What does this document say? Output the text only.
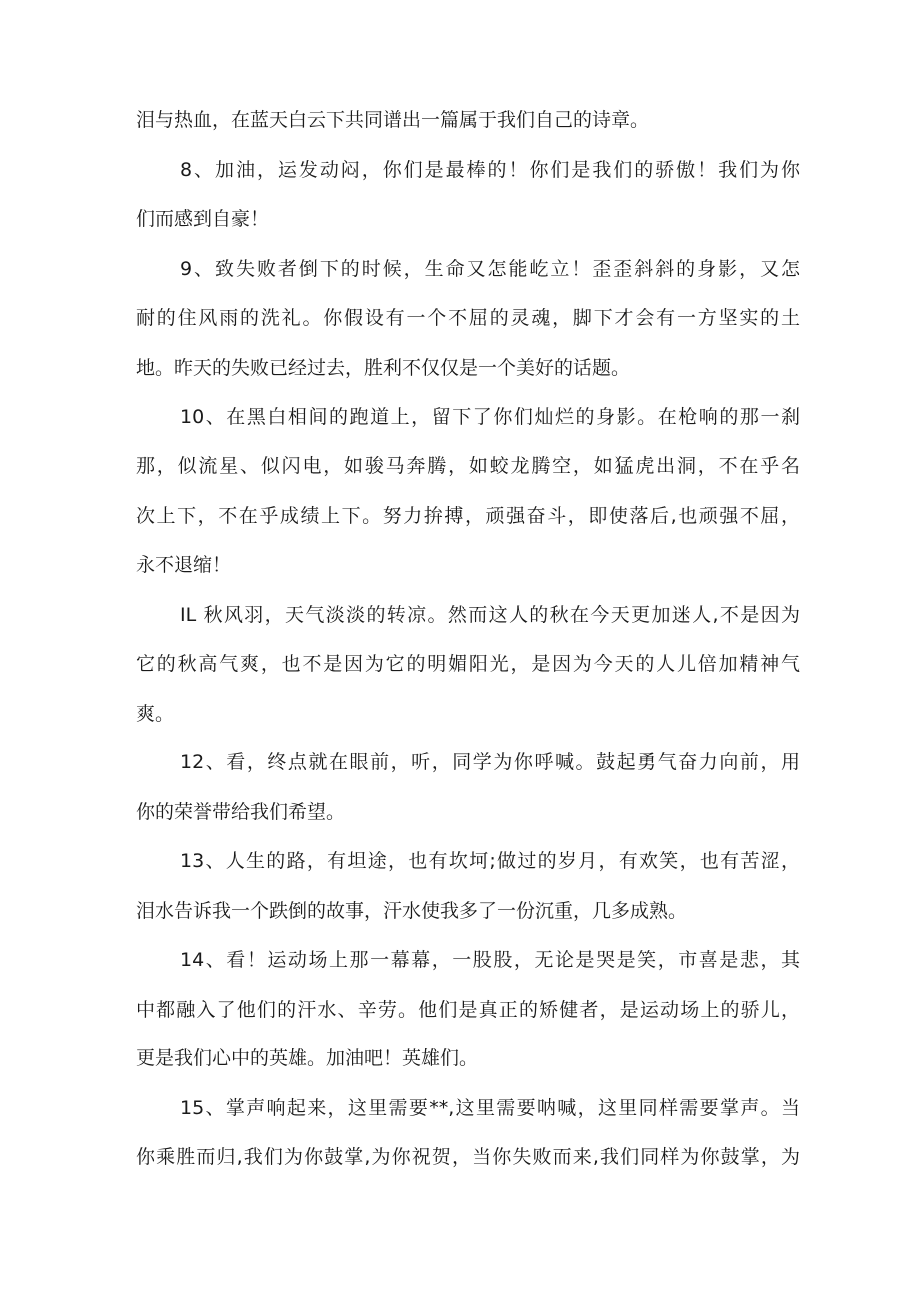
泪与热血，在蓝天白云下共同谱出一篇属于我们自己的诗章。
8、加油，运发动闷，你们是最棒的！你们是我们的骄傲！我们为你
们而感到自豪！
9、致失败者倒下的时候，生命又怎能屹立！歪歪斜斜的身影，又怎
耐的住风雨的洗礼。你假设有一个不屈的灵魂，脚下才会有一方坚实的土
地。昨天的失败已经过去，胜利不仅仅是一个美好的话题。
10、在黑白相间的跑道上，留下了你们灿烂的身影。在枪响的那一刹
那，似流星、似闪电，如骏马奔腾，如蛟龙腾空，如猛虎出洞，不在乎名
次上下，不在乎成绩上下。努力拚搏，顽强奋斗，即使落后,也顽强不屈，
永不退缩！
IL 秋风羽，天气淡淡的转凉。然而这人的秋在今天更加迷人,不是因为
它的秋高气爽，也不是因为它的明媚阳光，是因为今天的人儿倍加精神气
爽。
12、看，终点就在眼前，听，同学为你呼喊。鼓起勇气奋力向前，用
你的荣誉带给我们希望。
13、人生的路，有坦途，也有坎坷;做过的岁月，有欢笑，也有苦涩，
泪水告诉我一个跌倒的故事，汗水使我多了一份沉重，几多成熟。
14、看！运动场上那一幕幕，一股股，无论是哭是笑，市喜是悲，其
中都融入了他们的汗水、辛劳。他们是真正的矫健者，是运动场上的骄儿，
更是我们心中的英雄。加油吧！英雄们。
15、掌声响起来，这里需要**,这里需要呐喊，这里同样需要掌声。当
你乘胜而归,我们为你鼓掌,为你祝贺，当你失败而来,我们同样为你鼓掌，为
